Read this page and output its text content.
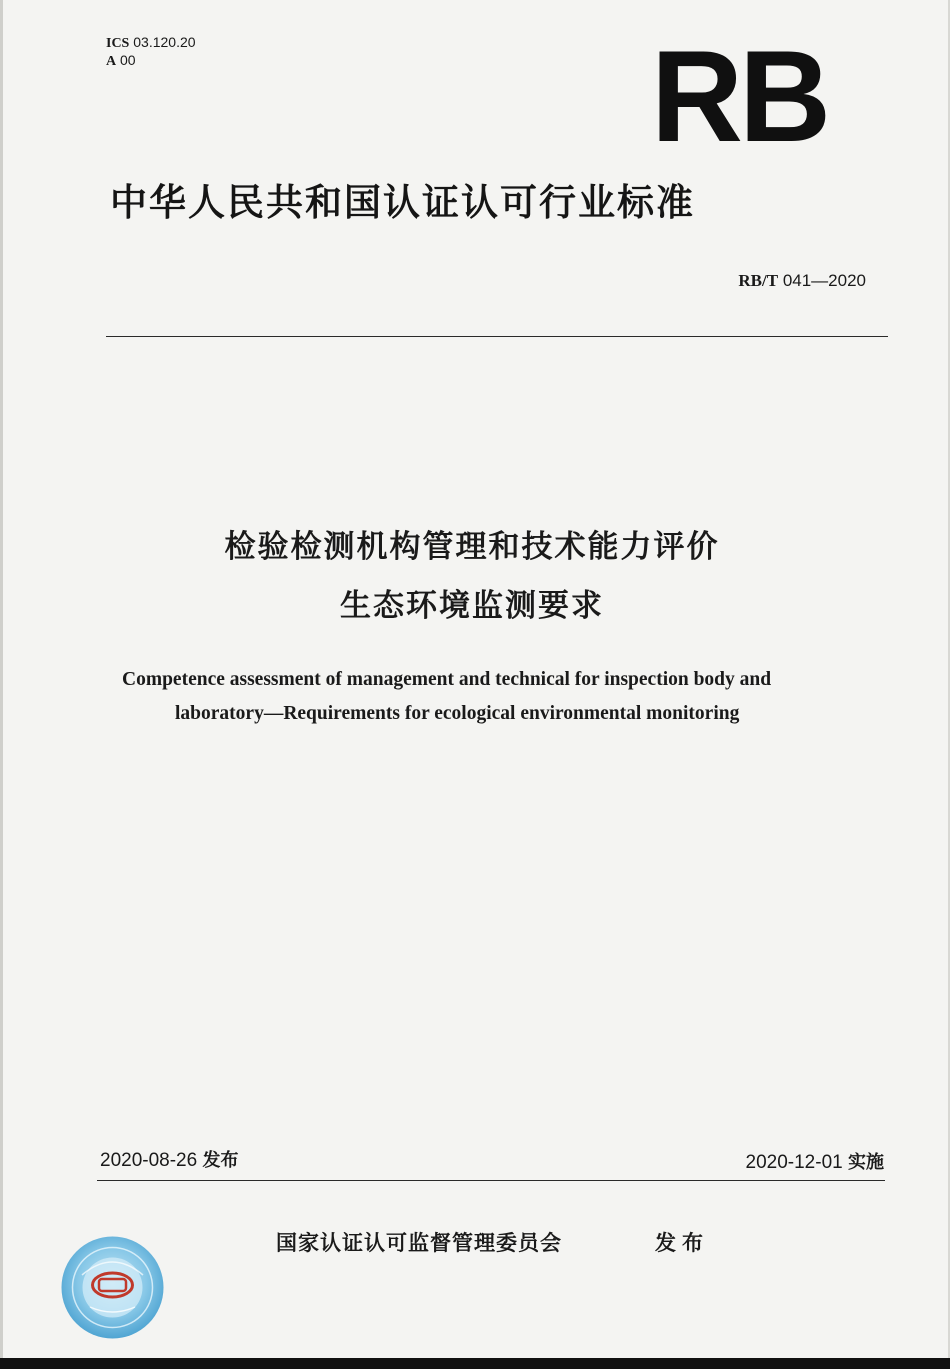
ICS 03.120.20
A 00	RB
中华人民共和国认证认可行业标准
RB/T 041—2020
检验检测机构管理和技术能力评价
生态环境监测要求
Competence assessment of management and technical for inspection body and
laboratory—Requirements for ecological environmental monitoring
2020-08-26 发布	2020-12-01 实施
国家认证认可监督管理委员会	发布
